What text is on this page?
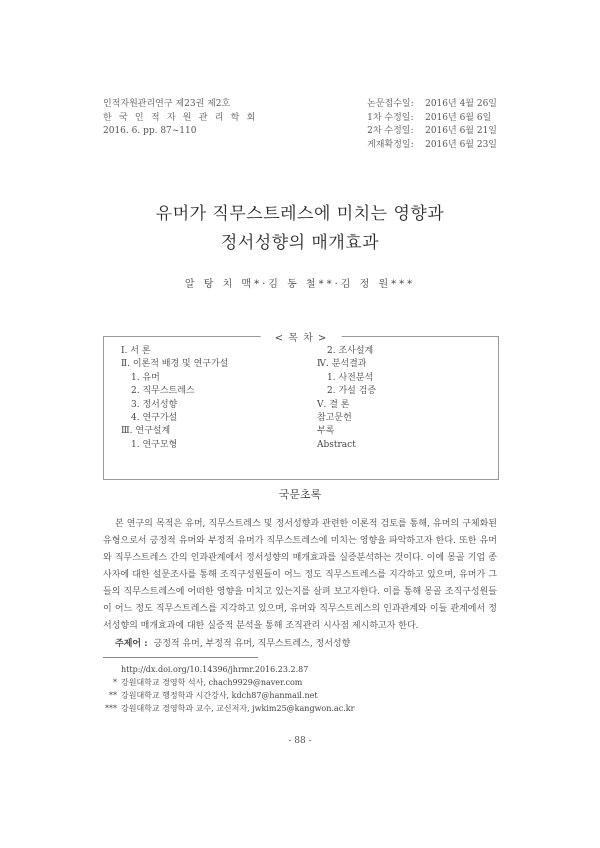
인적자원관리연구 제23권 제2호
한 국 인 적 자 원 관 리 학 회
2016. 6. pp. 87~110
논문접수일:	2016년 4월 26일
1차 수정일:	2016년 6월 6일
2차 수정일:	2016년 6월 21일
게재확정일:	2016년 6월 23일
유머가 직무스트레스에 미치는 영향과
정서성향의 매개효과
알 탕 치 맥*·김 동 철**·김 정 원***
< 목 차 >
Ⅰ. 서 론
Ⅱ. 이론적 배경 및 연구가설
1. 유머
2. 직무스트레스
3. 정서성향
4. 연구가설
Ⅲ. 연구설계
1. 연구모형
2. 조사설계
Ⅳ. 분석결과
1. 사전분석
2. 가설 검증
Ⅴ. 결 론
참고문헌
부록
Abstract
국문초록

본 연구의 목적은 유머, 직무스트레스 및 정서성향과 관련한 이론적 검토를 통해, 유머의 구체화된 유형으로서 긍정적 유머와 부정적 유머가 직무스트레스에 미치는 영향을 파악하고자 한다. 또한 유머와 직무스트레스 간의 인과관계에서 정서성향의 매개효과를 실증분석하는 것이다. 이에 몽골 기업 종사자에 대한 설문조사를 통해 조직구성원들이 어느 정도 직무스트레스를 지각하고 있으며, 유머가 그들의 직무스트레스에 어떠한 영향을 미치고 있는지를 살펴 보고자한다. 이를 통해 몽골 조직구성원들이 어느 정도 직무스트레스를 지각하고 있으며, 유머와 직무스트레스의 인과관계와 이들 관계에서 정서성향의 매개효과에 대한 실증적 분석을 통해 조직관리 시사점 제시하고자 한다.

주제어 : 긍정적 유머, 부정적 유머, 직무스트레스, 정서성향
http://dx.doi.org/10.14396/jhrmr.2016.23.2.87
* 강원대학교 경영학 석사, chach9929@naver.com
** 강원대학교 행정학과 시간강사, kdch87@hanmail.net
*** 강원대학교 경영학과 교수, 교신저자, jwkim25@kangwon.ac.kr
- 88 -
